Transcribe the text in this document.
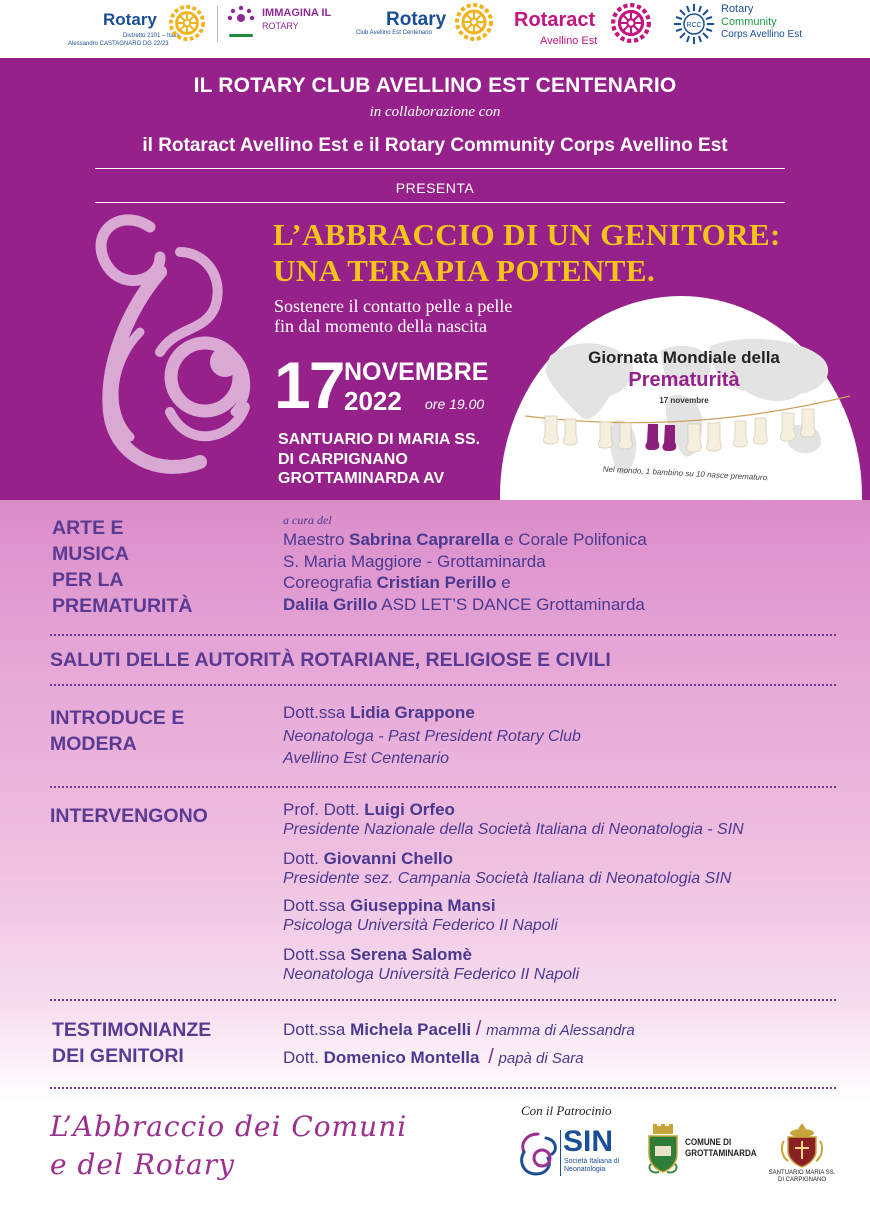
Rotary
Distretto 2101 – Italia
Alessandro CASTAGNARO DG 22/23
IMMAGINA IL
ROTARY	Rotary
Club Avellino Est Centenario
Rotaract
Avellino Est
RCC
Rotary
Community
Corps Avellino Est
IL ROTARY CLUB AVELLINO EST CENTENARIO
in collaborazione con
il Rotaract Avellino Est e il Rotary Community Corps Avellino Est
PRESENTA
L’ABBRACCIO DI UN GENITORE:
UNA TERAPIA POTENTE.
Sostenere il contatto pelle a pelle
fin dal momento della nascita
Giornata Mondiale della
Prematurità
17 novembre
Nel mondo, 1 bambino su 10 nasce prematuro.
17 NOVEMBRE
2022 ore 19.00
SANTUARIO DI MARIA SS.
DI CARPIGNANO
GROTTAMINARDA AV
ARTE E
MUSICA
PER LA
PREMATURITÀ
a cura del
Maestro Sabrina Caprarella e Corale Polifonica
S. Maria Maggiore - Grottaminarda
Coreografia Cristian Perillo e
Dalila Grillo ASD LET’S DANCE Grottaminarda
SALUTI DELLE AUTORITÀ ROTARIANE, RELIGIOSE E CIVILI
INTRODUCE E
MODERA
Dott.ssa Lidia Grappone
Neonatologa - Past President Rotary Club
Avellino Est Centenario
INTERVENGONO	Prof. Dott. Luigi Orfeo
Presidente Nazionale della Società Italiana di Neonatologia - SIN
Dott. Giovanni Chello
Presidente sez. Campania Società Italiana di Neonatologia SIN
Dott.ssa Giuseppina Mansi
Psicologa Università Federico II Napoli
Dott.ssa Serena Salomè
Neonatologa Università Federico II Napoli
TESTIMONIANZE
DEI GENITORI
Dott.ssa Michela Pacelli / mamma di Alessandra
Dott. Domenico Montella / papà di Sara
L’Abbraccio dei Comuni
e del Rotary
Con il Patrocinio
SIN
Società Italiana di
Neonatologia
COMUNE DI
GROTTAMINARDA
SANTUARIO MARIA SS.
DI CARPIGNANO
